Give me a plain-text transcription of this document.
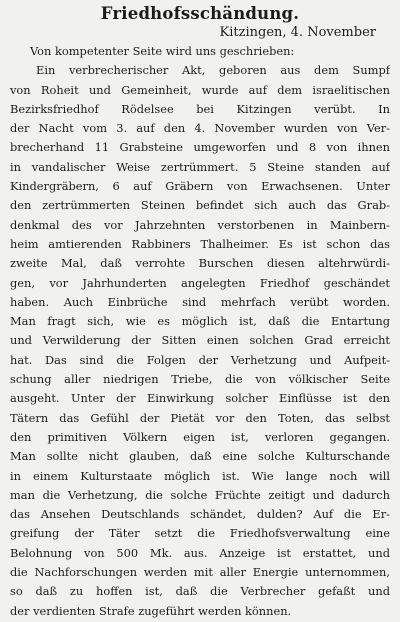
Friedhofsschändung.

Kitzingen, 4. November

Von kompetenter Seite wird uns geschrieben:
Ein verbrecherischer Akt, geboren aus dem Sumpf
von Roheit und Gemeinheit, wurde auf dem israelitischen
Bezirksfriedhof Rödelsee bei Kitzingen verübt. In
der Nacht vom 3. auf den 4. November wurden von Ver-
brecherhand 11 Grabsteine umgeworfen und 8 von ihnen
in vandalischer Weise zertrümmert. 5 Steine standen auf
Kindergräbern, 6 auf Gräbern von Erwachsenen. Unter
den zertrümmerten Steinen befindet sich auch das Grab-
denkmal des vor Jahrzehnten verstorbenen in Mainbern-
heim amtierenden Rabbiners Thalheimer. Es ist schon das
zweite Mal, daß verrohte Burschen diesen altehrwürdi-
gen, vor Jahrhunderten angelegten Friedhof geschändet
haben. Auch Einbrüche sind mehrfach verübt worden.
Man fragt sich, wie es möglich ist, daß die Entartung
und Verwilderung der Sitten einen solchen Grad erreicht
hat. Das sind die Folgen der Verhetzung und Aufpeit-
schung aller niedrigen Triebe, die von völkischer Seite
ausgeht. Unter der Einwirkung solcher Einflüsse ist den
Tätern das Gefühl der Pietät vor den Toten, das selbst
den primitiven Völkern eigen ist, verloren gegangen.
Man sollte nicht glauben, daß eine solche Kulturschande
in einem Kulturstaate möglich ist. Wie lange noch will
man die Verhetzung, die solche Früchte zeitigt und dadurch
das Ansehen Deutschlands schändet, dulden? Auf die Er-
greifung der Täter setzt die Friedhofsverwaltung eine
Belohnung von 500 Mk. aus. Anzeige ist erstattet, und
die Nachforschungen werden mit aller Energie unternommen,
so daß zu hoffen ist, daß die Verbrecher gefaßt und
der verdienten Strafe zugeführt werden können.
